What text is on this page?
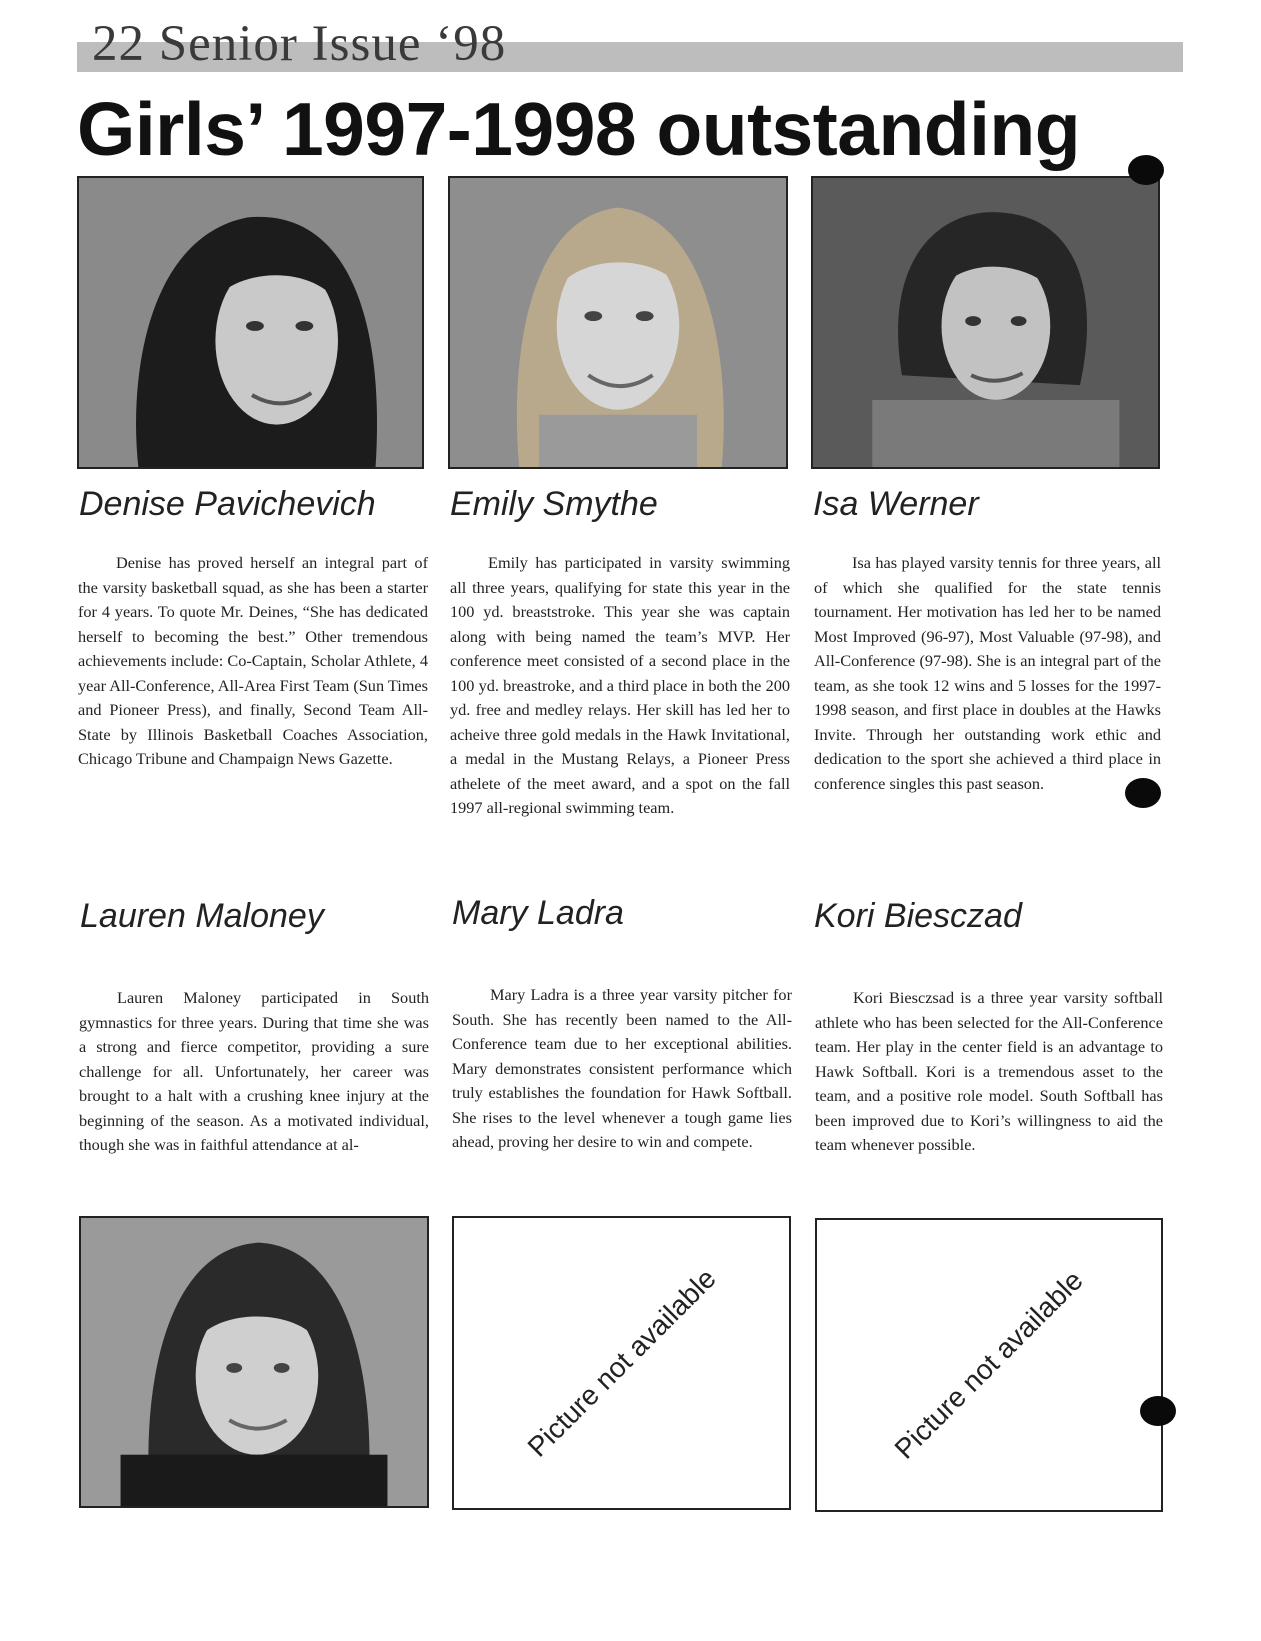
22 Senior Issue ‘98
Girls’ 1997-1998 outstanding
Denise Pavichevich Emily Smythe	Isa Werner

Denise has proved herself an integral part of the varsity basketball squad, as she has been a starter for 4 years. To quote Mr. Deines, “She has dedicated herself to becoming the best.” Other tremendous achievements include: Co-Captain, Scholar Athlete, 4 year All-Conference, All-Area First Team (Sun Times and Pioneer Press), and finally, Second Team All-State by Illinois Basketball Coaches Association, Chicago Tribune and Champaign News Gazette.

Emily has participated in varsity swimming all three years, qualifying for state this year in the 100 yd. breaststroke. This year she was captain along with being named the team’s MVP. Her conference meet consisted of a second place in the 100 yd. breastroke, and a third place in both the 200 yd. free and medley relays. Her skill has led her to acheive three gold medals in the Hawk Invitational, a medal in the Mustang Relays, a Pioneer Press athelete of the meet award, and a spot on the fall 1997 all-regional swimming team.

Isa has played varsity tennis for three years, all of which she qualified for the state tennis tournament. Her motivation has led her to be named Most Improved (96-97), Most Valuable (97-98), and All-Conference (97-98). She is an integral part of the team, as she took 12 wins and 5 losses for the 1997-1998 season, and first place in doubles at the Hawks Invite. Through her outstanding work ethic and dedication to the sport she achieved a third place in conference singles this past season.

Lauren Maloney	Mary Ladra	Kori Biesczad

Lauren Maloney participated in South gymnastics for three years. During that time she was a strong and fierce competitor, providing a sure challenge for all. Unfortunately, her career was brought to a halt with a crushing knee injury at the beginning of the season. As a motivated individual, though she was in faithful attendance at al-

Mary Ladra is a three year varsity pitcher for South. She has recently been named to the All-Conference team due to her exceptional abilities. Mary demonstrates consistent performance which truly establishes the foundation for Hawk Softball. She rises to the level whenever a tough game lies ahead, proving her desire to win and compete.

Kori Biesczsad is a three year varsity softball athlete who has been selected for the All-Conference team. Her play in the center field is an advantage to Hawk Softball. Kori is a tremendous asset to the team, and a positive role model. South Softball has been improved due to Kori’s willingness to aid the team whenever possible.

Picture not available	Picture not available
